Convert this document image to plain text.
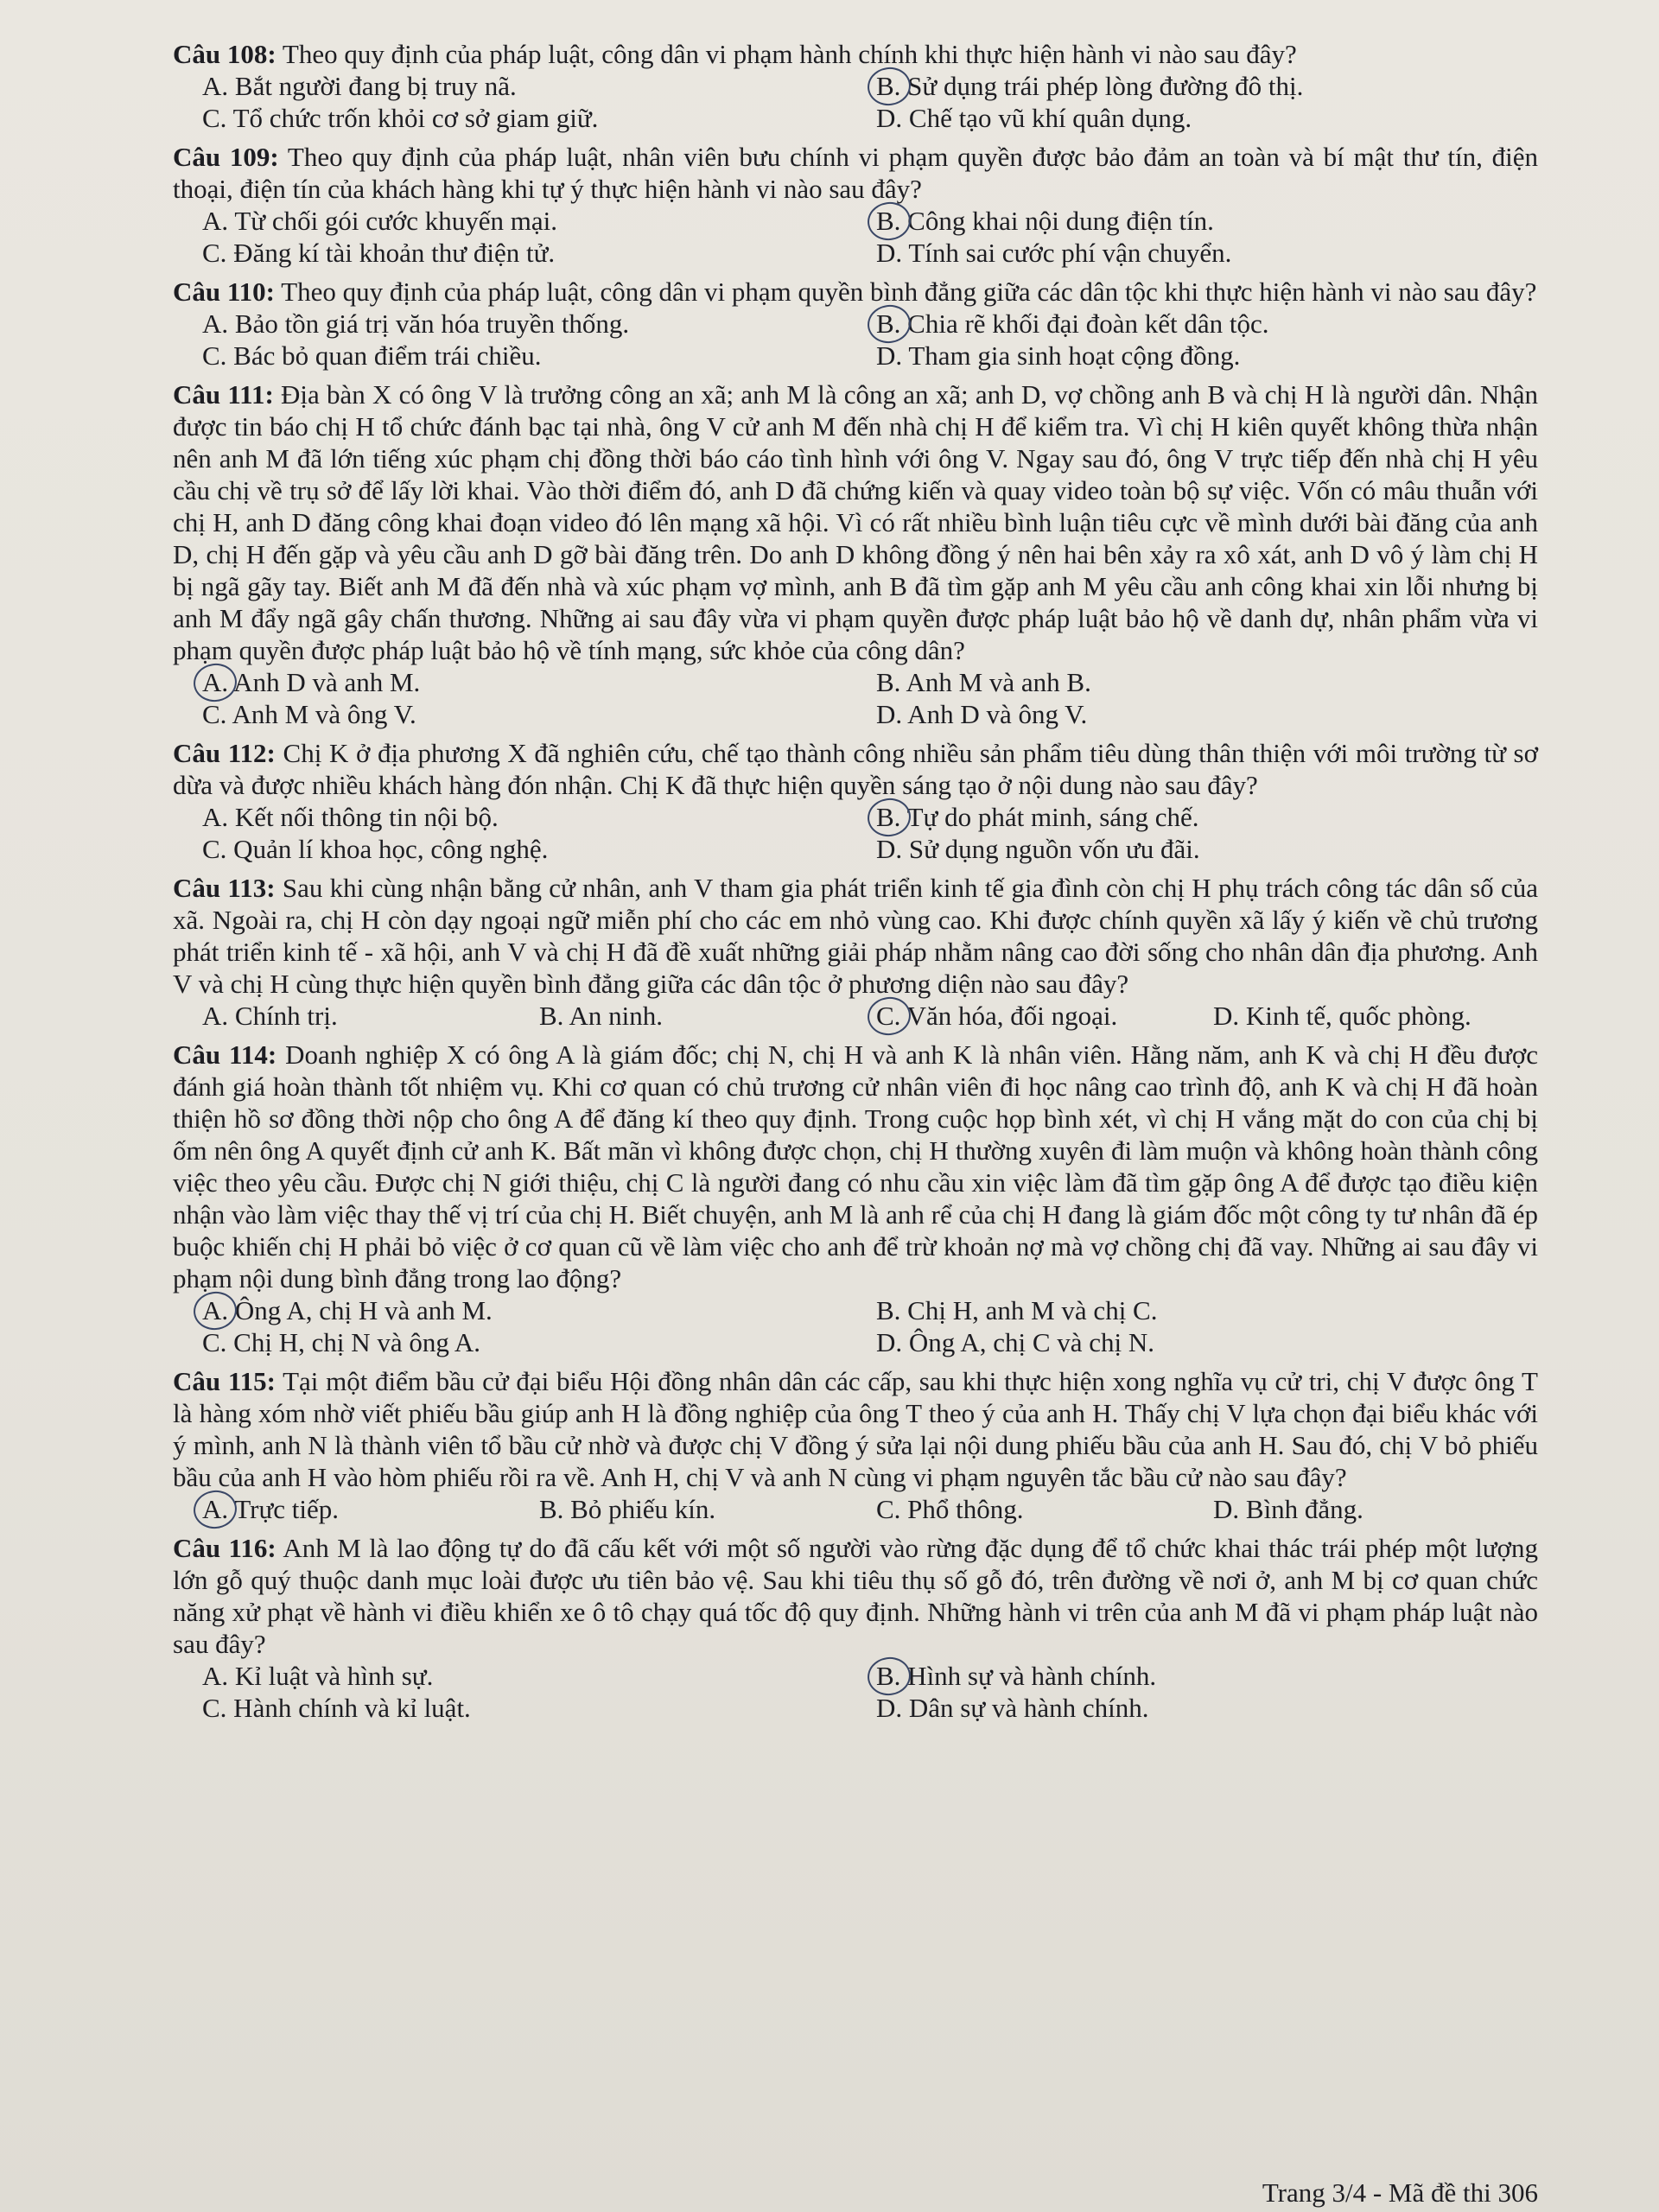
Câu 108: Theo quy định của pháp luật, công dân vi phạm hành chính khi thực hiện hành vi nào sau đây?
A. Bắt người đang bị truy nã.	B. Sử dụng trái phép lòng đường đô thị.
C. Tổ chức trốn khỏi cơ sở giam giữ.	D. Chế tạo vũ khí quân dụng.
Câu 109: Theo quy định của pháp luật, nhân viên bưu chính vi phạm quyền được bảo đảm an toàn và bí mật thư tín, điện thoại, điện tín của khách hàng khi tự ý thực hiện hành vi nào sau đây?
A. Từ chối gói cước khuyến mại.	B. Công khai nội dung điện tín.
C. Đăng kí tài khoản thư điện tử.	D. Tính sai cước phí vận chuyển.
Câu 110: Theo quy định của pháp luật, công dân vi phạm quyền bình đẳng giữa các dân tộc khi thực hiện hành vi nào sau đây?
A. Bảo tồn giá trị văn hóa truyền thống.	B. Chia rẽ khối đại đoàn kết dân tộc.
C. Bác bỏ quan điểm trái chiều.	D. Tham gia sinh hoạt cộng đồng.
Câu 111: Địa bàn X có ông V là trưởng công an xã; anh M là công an xã; anh D, vợ chồng anh B và chị H là người dân. Nhận được tin báo chị H tổ chức đánh bạc tại nhà, ông V cử anh M đến nhà chị H để kiểm tra. Vì chị H kiên quyết không thừa nhận nên anh M đã lớn tiếng xúc phạm chị đồng thời báo cáo tình hình với ông V. Ngay sau đó, ông V trực tiếp đến nhà chị H yêu cầu chị về trụ sở để lấy lời khai. Vào thời điểm đó, anh D đã chứng kiến và quay video toàn bộ sự việc. Vốn có mâu thuẫn với chị H, anh D đăng công khai đoạn video đó lên mạng xã hội. Vì có rất nhiều bình luận tiêu cực về mình dưới bài đăng của anh D, chị H đến gặp và yêu cầu anh D gỡ bài đăng trên. Do anh D không đồng ý nên hai bên xảy ra xô xát, anh D vô ý làm chị H bị ngã gãy tay. Biết anh M đã đến nhà và xúc phạm vợ mình, anh B đã tìm gặp anh M yêu cầu anh công khai xin lỗi nhưng bị anh M đẩy ngã gây chấn thương. Những ai sau đây vừa vi phạm quyền được pháp luật bảo hộ về danh dự, nhân phẩm vừa vi phạm quyền được pháp luật bảo hộ về tính mạng, sức khỏe của công dân?
A. Anh D và anh M.	B. Anh M và anh B.
C. Anh M và ông V.	D. Anh D và ông V.
Câu 112: Chị K ở địa phương X đã nghiên cứu, chế tạo thành công nhiều sản phẩm tiêu dùng thân thiện với môi trường từ sơ dừa và được nhiều khách hàng đón nhận. Chị K đã thực hiện quyền sáng tạo ở nội dung nào sau đây?
A. Kết nối thông tin nội bộ.	B. Tự do phát minh, sáng chế.
C. Quản lí khoa học, công nghệ.	D. Sử dụng nguồn vốn ưu đãi.
Câu 113: Sau khi cùng nhận bằng cử nhân, anh V tham gia phát triển kinh tế gia đình còn chị H phụ trách công tác dân số của xã. Ngoài ra, chị H còn dạy ngoại ngữ miễn phí cho các em nhỏ vùng cao. Khi được chính quyền xã lấy ý kiến về chủ trương phát triển kinh tế - xã hội, anh V và chị H đã đề xuất những giải pháp nhằm nâng cao đời sống cho nhân dân địa phương. Anh V và chị H cùng thực hiện quyền bình đẳng giữa các dân tộc ở phương diện nào sau đây?
A. Chính trị.	B. An ninh.	C. Văn hóa, đối ngoại.	D. Kinh tế, quốc phòng.
Câu 114: Doanh nghiệp X có ông A là giám đốc; chị N, chị H và anh K là nhân viên. Hằng năm, anh K và chị H đều được đánh giá hoàn thành tốt nhiệm vụ. Khi cơ quan có chủ trương cử nhân viên đi học nâng cao trình độ, anh K và chị H đã hoàn thiện hồ sơ đồng thời nộp cho ông A để đăng kí theo quy định. Trong cuộc họp bình xét, vì chị H vắng mặt do con của chị bị ốm nên ông A quyết định cử anh K. Bất mãn vì không được chọn, chị H thường xuyên đi làm muộn và không hoàn thành công việc theo yêu cầu. Được chị N giới thiệu, chị C là người đang có nhu cầu xin việc làm đã tìm gặp ông A để được tạo điều kiện nhận vào làm việc thay thế vị trí của chị H. Biết chuyện, anh M là anh rể của chị H đang là giám đốc một công ty tư nhân đã ép buộc khiến chị H phải bỏ việc ở cơ quan cũ về làm việc cho anh để trừ khoản nợ mà vợ chồng chị đã vay. Những ai sau đây vi phạm nội dung bình đẳng trong lao động?
A. Ông A, chị H và anh M.	B. Chị H, anh M và chị C.
C. Chị H, chị N và ông A.	D. Ông A, chị C và chị N.
Câu 115: Tại một điểm bầu cử đại biểu Hội đồng nhân dân các cấp, sau khi thực hiện xong nghĩa vụ cử tri, chị V được ông T là hàng xóm nhờ viết phiếu bầu giúp anh H là đồng nghiệp của ông T theo ý của anh H. Thấy chị V lựa chọn đại biểu khác với ý mình, anh N là thành viên tổ bầu cử nhờ và được chị V đồng ý sửa lại nội dung phiếu bầu của anh H. Sau đó, chị V bỏ phiếu bầu của anh H vào hòm phiếu rồi ra về. Anh H, chị V và anh N cùng vi phạm nguyên tắc bầu cử nào sau đây?
A. Trực tiếp.	B. Bỏ phiếu kín.	C. Phổ thông.	D. Bình đẳng.
Câu 116: Anh M là lao động tự do đã cấu kết với một số người vào rừng đặc dụng để tổ chức khai thác trái phép một lượng lớn gỗ quý thuộc danh mục loài được ưu tiên bảo vệ. Sau khi tiêu thụ số gỗ đó, trên đường về nơi ở, anh M bị cơ quan chức năng xử phạt về hành vi điều khiển xe ô tô chạy quá tốc độ quy định. Những hành vi trên của anh M đã vi phạm pháp luật nào sau đây?
A. Kỉ luật và hình sự.	B. Hình sự và hành chính.
C. Hành chính và kỉ luật.	D. Dân sự và hành chính.
Trang 3/4 - Mã đề thi 306
